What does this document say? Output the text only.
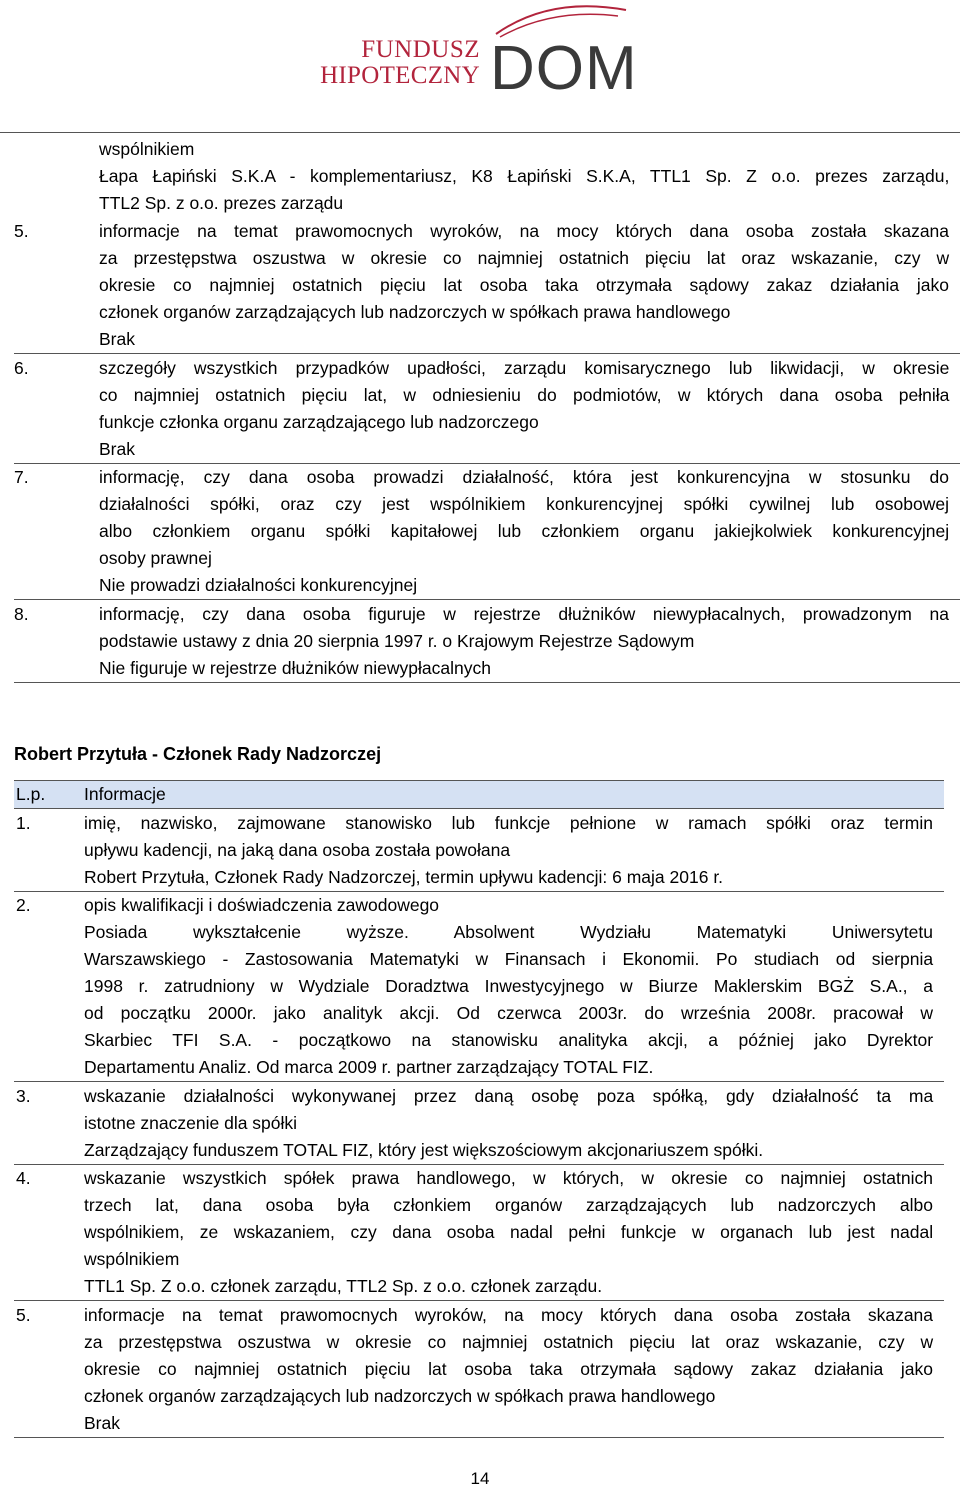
FUNDUSZ
HIPOTECZNY DOM
wspólnikiem
Łapa Łapiński S.K.A - komplementariusz, K8 Łapiński S.K.A, TTL1 Sp. Z o.o. prezes zarządu,
TTL2 Sp. z o.o. prezes zarządu
5.	informacje na temat prawomocnych wyroków, na mocy których dana osoba została skazana
za przestępstwa oszustwa w okresie co najmniej ostatnich pięciu lat oraz wskazanie, czy w
okresie co najmniej ostatnich pięciu lat osoba taka otrzymała sądowy zakaz działania jako
członek organów zarządzających lub nadzorczych w spółkach prawa handlowego
Brak
6.	szczegóły wszystkich przypadków upadłości, zarządu komisarycznego lub likwidacji, w okresie
co najmniej ostatnich pięciu lat, w odniesieniu do podmiotów, w których dana osoba pełniła
funkcje członka organu zarządzającego lub nadzorczego
Brak
7.	informację, czy dana osoba prowadzi działalność, która jest konkurencyjna w stosunku do
działalności spółki, oraz czy jest wspólnikiem konkurencyjnej spółki cywilnej lub osobowej
albo członkiem organu spółki kapitałowej lub członkiem organu jakiejkolwiek konkurencyjnej
osoby prawnej
Nie prowadzi działalności konkurencyjnej
8.	informację, czy dana osoba figuruje w rejestrze dłużników niewypłacalnych, prowadzonym na
podstawie ustawy z dnia 20 sierpnia 1997 r. o Krajowym Rejestrze Sądowym
Nie figuruje w rejestrze dłużników niewypłacalnych
Robert Przytuła - Członek Rady Nadzorczej
L.p. Informacje
1.	imię, nazwisko, zajmowane stanowisko lub funkcje pełnione w ramach spółki oraz termin
upływu kadencji, na jaką dana osoba została powołana
Robert Przytuła, Członek Rady Nadzorczej, termin upływu kadencji: 6 maja 2016 r.
2.	opis kwalifikacji i doświadczenia zawodowego
Posiada wykształcenie wyższe. Absolwent Wydziału Matematyki Uniwersytetu
Warszawskiego - Zastosowania Matematyki w Finansach i Ekonomii. Po studiach od sierpnia
1998 r. zatrudniony w Wydziale Doradztwa Inwestycyjnego w Biurze Maklerskim BGŻ S.A., a
od początku 2000r. jako analityk akcji. Od czerwca 2003r. do września 2008r. pracował w
Skarbiec TFI S.A. - początkowo na stanowisku analityka akcji, a później jako Dyrektor
Departamentu Analiz. Od marca 2009 r. partner zarządzający TOTAL FIZ.
3.	wskazanie działalności wykonywanej przez daną osobę poza spółką, gdy działalność ta ma
istotne znaczenie dla spółki
Zarządzający funduszem TOTAL FIZ, który jest większościowym akcjonariuszem spółki.
4.	wskazanie wszystkich spółek prawa handlowego, w których, w okresie co najmniej ostatnich
trzech lat, dana osoba była członkiem organów zarządzających lub nadzorczych albo
wspólnikiem, ze wskazaniem, czy dana osoba nadal pełni funkcje w organach lub jest nadal
wspólnikiem
TTL1 Sp. Z o.o. członek zarządu, TTL2 Sp. z o.o. członek zarządu.
5.	informacje na temat prawomocnych wyroków, na mocy których dana osoba została skazana
za przestępstwa oszustwa w okresie co najmniej ostatnich pięciu lat oraz wskazanie, czy w
okresie co najmniej ostatnich pięciu lat osoba taka otrzymała sądowy zakaz działania jako
członek organów zarządzających lub nadzorczych w spółkach prawa handlowego
Brak
14
